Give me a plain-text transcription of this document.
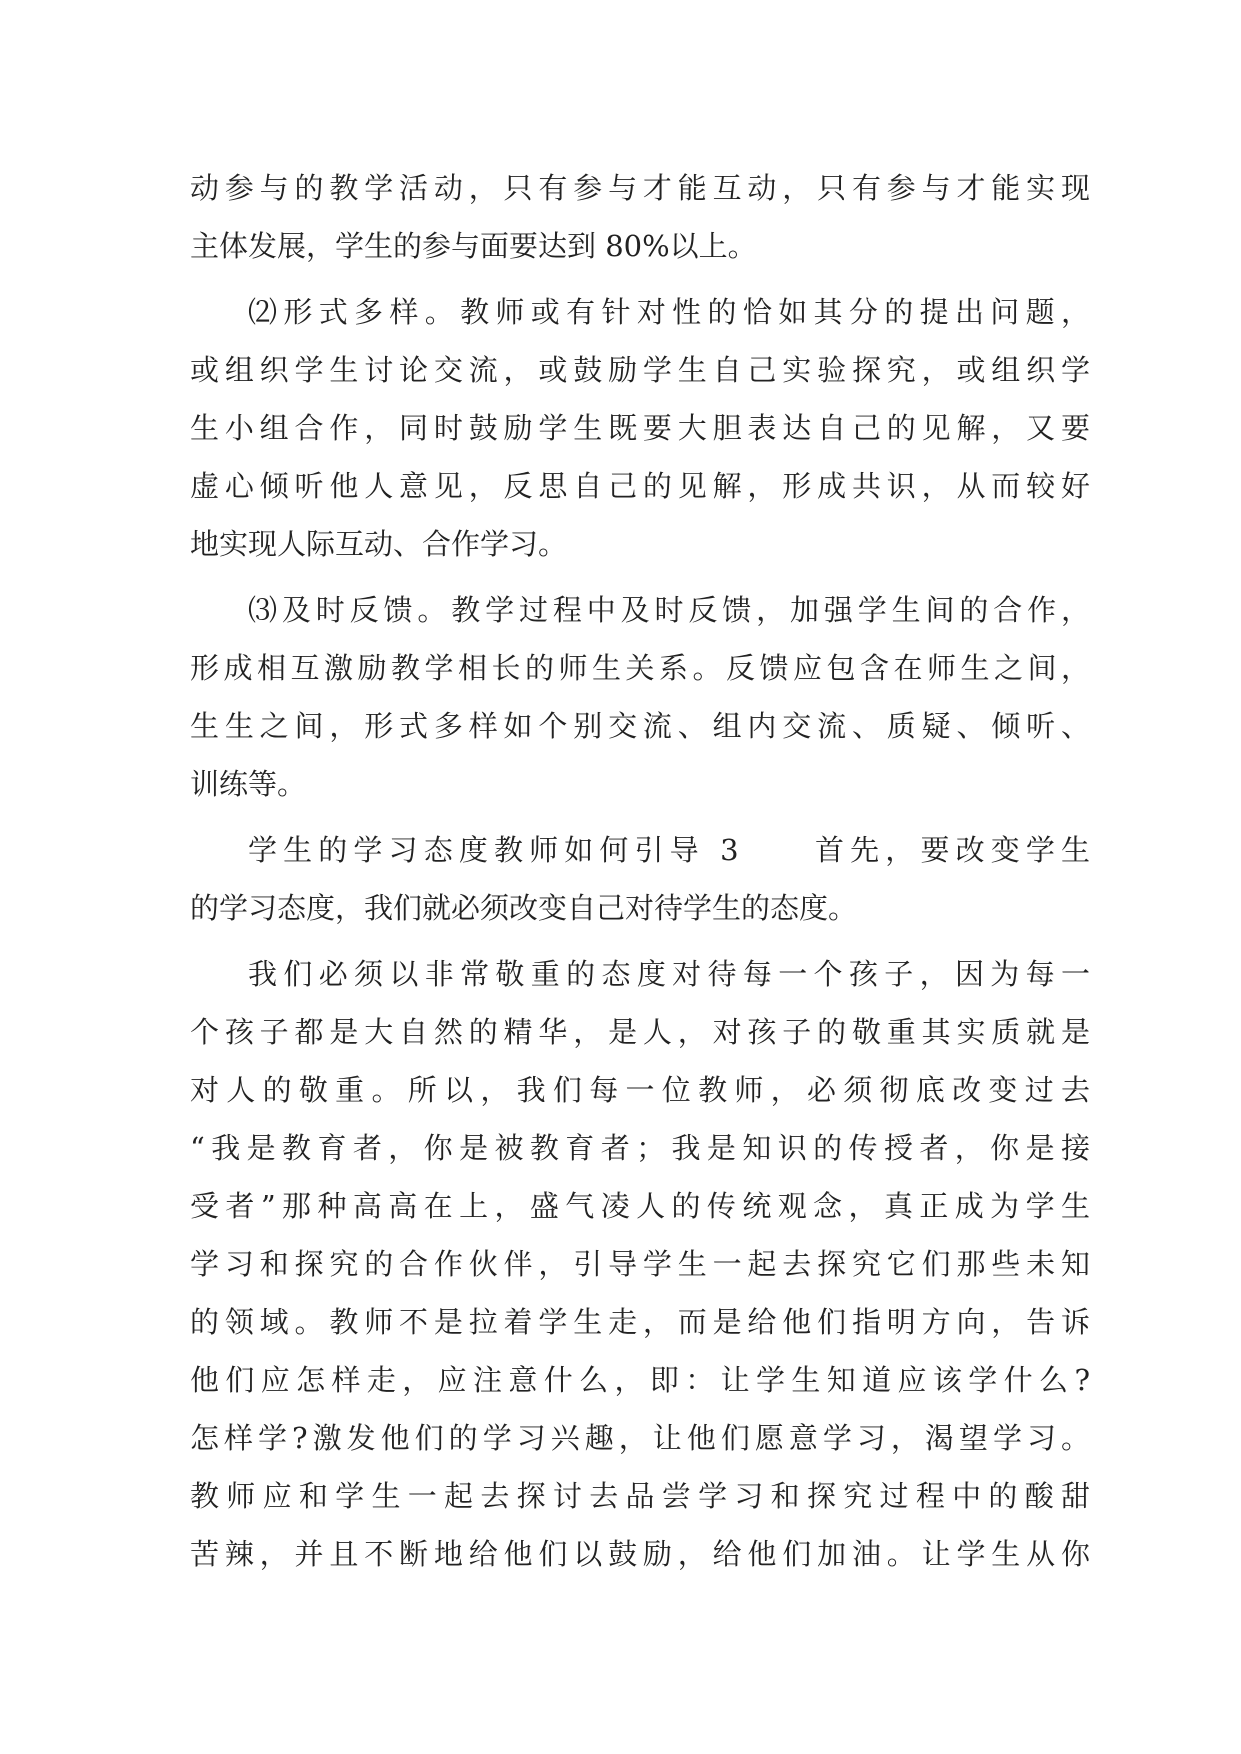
动参与的教学活动，只有参与才能互动，只有参与才能实现
主体发展，学生的参与面要达到 80%以上。
⑵形式多样。教师或有针对性的恰如其分的提出问题，
或组织学生讨论交流，或鼓励学生自己实验探究，或组织学
生小组合作，同时鼓励学生既要大胆表达自己的见解，又要
虚心倾听他人意见，反思自己的见解，形成共识，从而较好
地实现人际互动、合作学习。
⑶及时反馈。教学过程中及时反馈，加强学生间的合作，
形成相互激励教学相长的师生关系。反馈应包含在师生之间，
生生之间，形式多样如个别交流、组内交流、质疑、倾听、
训练等。
学生的学习态度教师如何引导 3　　首先，要改变学生
的学习态度，我们就必须改变自己对待学生的态度。
我们必须以非常敬重的态度对待每一个孩子，因为每一
个孩子都是大自然的精华，是人，对孩子的敬重其实质就是
对人的敬重。所以，我们每一位教师，必须彻底改变过去
“我是教育者，你是被教育者；我是知识的传授者，你是接
受者”那种高高在上，盛气凌人的传统观念，真正成为学生
学习和探究的合作伙伴，引导学生一起去探究它们那些未知
的领域。教师不是拉着学生走，而是给他们指明方向，告诉
他们应怎样走，应注意什么，即：让学生知道应该学什么?
怎样学?激发他们的学习兴趣，让他们愿意学习，渴望学习。
教师应和学生一起去探讨去品尝学习和探究过程中的酸甜
苦辣，并且不断地给他们以鼓励，给他们加油。让学生从你
